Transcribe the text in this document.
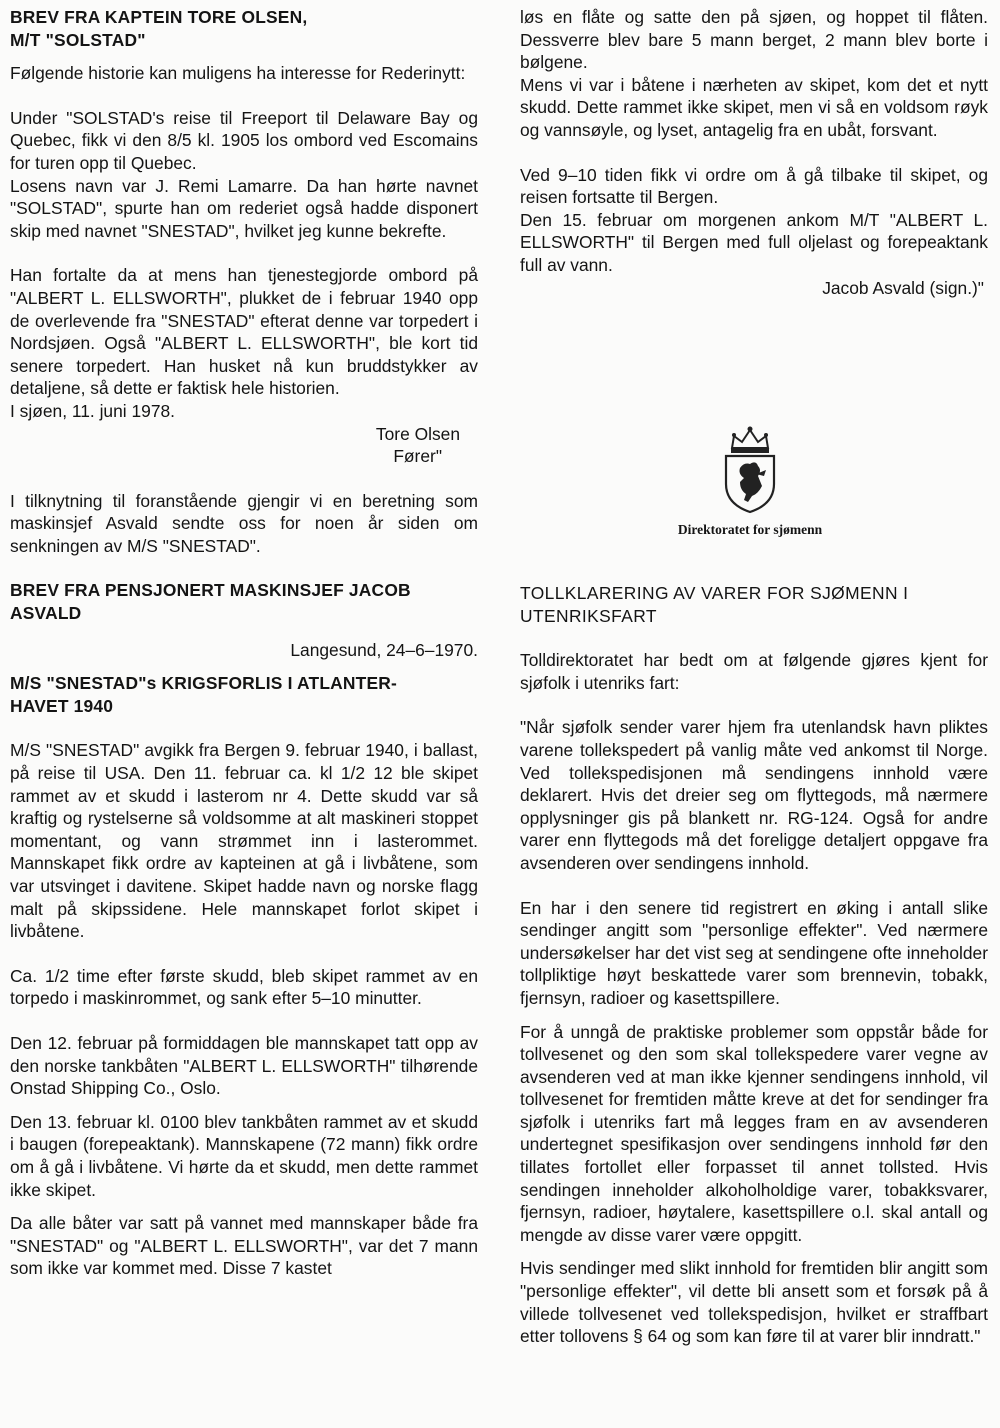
BREV FRA KAPTEIN TORE OLSEN,
M/T "SOLSTAD"

Følgende historie kan muligens ha interesse for Rederinytt:

Under "SOLSTAD's reise til Freeport til Delaware Bay og Quebec, fikk vi den 8/5 kl. 1905 los ombord ved Escomains for turen opp til Quebec.

Losens navn var J. Remi Lamarre. Da han hørte navnet "SOLSTAD", spurte han om rederiet også hadde disponert skip med navnet "SNESTAD", hvilket jeg kunne bekrefte.

Han fortalte da at mens han tjenestegjorde ombord på "ALBERT L. ELLSWORTH", plukket de i februar 1940 opp de overlevende fra "SNESTAD" efterat denne var torpedert i Nordsjøen. Også "ALBERT L. ELLSWORTH", ble kort tid senere torpedert. Han husket nå kun bruddstykker av detaljene, så dette er faktisk hele historien.

I sjøen, 11. juni 1978.

Tore Olsen

Fører"

I tilknytning til foranstående gjengir vi en beretning som maskinsjef Asvald sendte oss for noen år siden om senkningen av M/S "SNESTAD".

BREV FRA PENSJONERT MASKINSJEF JACOB
ASVALD

Langesund, 24–6–1970.

M/S "SNESTAD"s KRIGSFORLIS I ATLANTER-
HAVET 1940

M/S "SNESTAD" avgikk fra Bergen 9. februar 1940, i ballast, på reise til USA. Den 11. februar ca. kl 1/2 12 ble skipet rammet av et skudd i lasterom nr 4. Dette skudd var så kraftig og rystelserne så voldsomme at alt maskineri stoppet momentant, og vann strømmet inn i lasterommet. Mannskapet fikk ordre av kapteinen at gå i livbåtene, som var utsvinget i davitene. Skipet hadde navn og norske flagg malt på skipssidene. Hele mannskapet forlot skipet i livbåtene.

Ca. 1/2 time efter første skudd, bleb skipet rammet av en torpedo i maskinrommet, og sank efter 5–10 minutter.

Den 12. februar på formiddagen ble mannskapet tatt opp av den norske tankbåten "ALBERT L. ELLSWORTH" tilhørende Onstad Shipping Co., Oslo.

Den 13. februar kl. 0100 blev tankbåten rammet av et skudd i baugen (forepeaktank). Mannskapene (72 mann) fikk ordre om å gå i livbåtene. Vi hørte da et skudd, men dette rammet ikke skipet.

Da alle båter var satt på vannet med mannskaper både fra "SNESTAD" og "ALBERT L. ELLSWORTH", var det 7 mann som ikke var kommet med. Disse 7 kastet

løs en flåte og satte den på sjøen, og hoppet til flåten. Dessverre blev bare 5 mann berget, 2 mann blev borte i bølgene.

Mens vi var i båtene i nærheten av skipet, kom det et nytt skudd. Dette rammet ikke skipet, men vi så en voldsom røyk og vannsøyle, og lyset, antagelig fra en ubåt, forsvant.

Ved 9–10 tiden fikk vi ordre om å gå tilbake til skipet, og reisen fortsatte til Bergen.

Den 15. februar om morgenen ankom M/T "ALBERT L. ELLSWORTH" til Bergen med full oljelast og forepeaktank full av vann.

Jacob Asvald (sign.)"

Direktoratet for sjømenn
TOLLKLARERING AV VARER FOR SJØMENN I
UTENRIKSFART

Tolldirektoratet har bedt om at følgende gjøres kjent for sjøfolk i utenriks fart:

"Når sjøfolk sender varer hjem fra utenlandsk havn pliktes varene tollekspedert på vanlig måte ved ankomst til Norge. Ved tollekspedisjonen må sendingens innhold være deklarert. Hvis det dreier seg om flyttegods, må nærmere opplysninger gis på blankett nr. RG-124. Også for andre varer enn flyttegods må det foreligge detaljert oppgave fra avsenderen over sendingens innhold.

En har i den senere tid registrert en øking i antall slike sendinger angitt som "personlige effekter". Ved nærmere undersøkelser har det vist seg at sendingene ofte inneholder tollpliktige høyt beskattede varer som brennevin, tobakk, fjernsyn, radioer og kasettspillere.

For å unngå de praktiske problemer som oppstår både for tollvesenet og den som skal tollekspedere varer vegne av avsenderen ved at man ikke kjenner sendingens innhold, vil tollvesenet for fremtiden måtte kreve at det for sendinger fra sjøfolk i utenriks fart må legges fram en av avsenderen undertegnet spesifikasjon over sendingens innhold før den tillates fortollet eller forpasset til annet tollsted. Hvis sendingen inneholder alkoholholdige varer, tobakksvarer, fjernsyn, radioer, høytalere, kasettspillere o.l. skal antall og mengde av disse varer være oppgitt.

Hvis sendinger med slikt innhold for fremtiden blir angitt som "personlige effekter", vil dette bli ansett som et forsøk på å villede tollvesenet ved tollekspedisjon, hvilket er straffbart etter tollovens § 64 og som kan føre til at varer blir inndratt."
